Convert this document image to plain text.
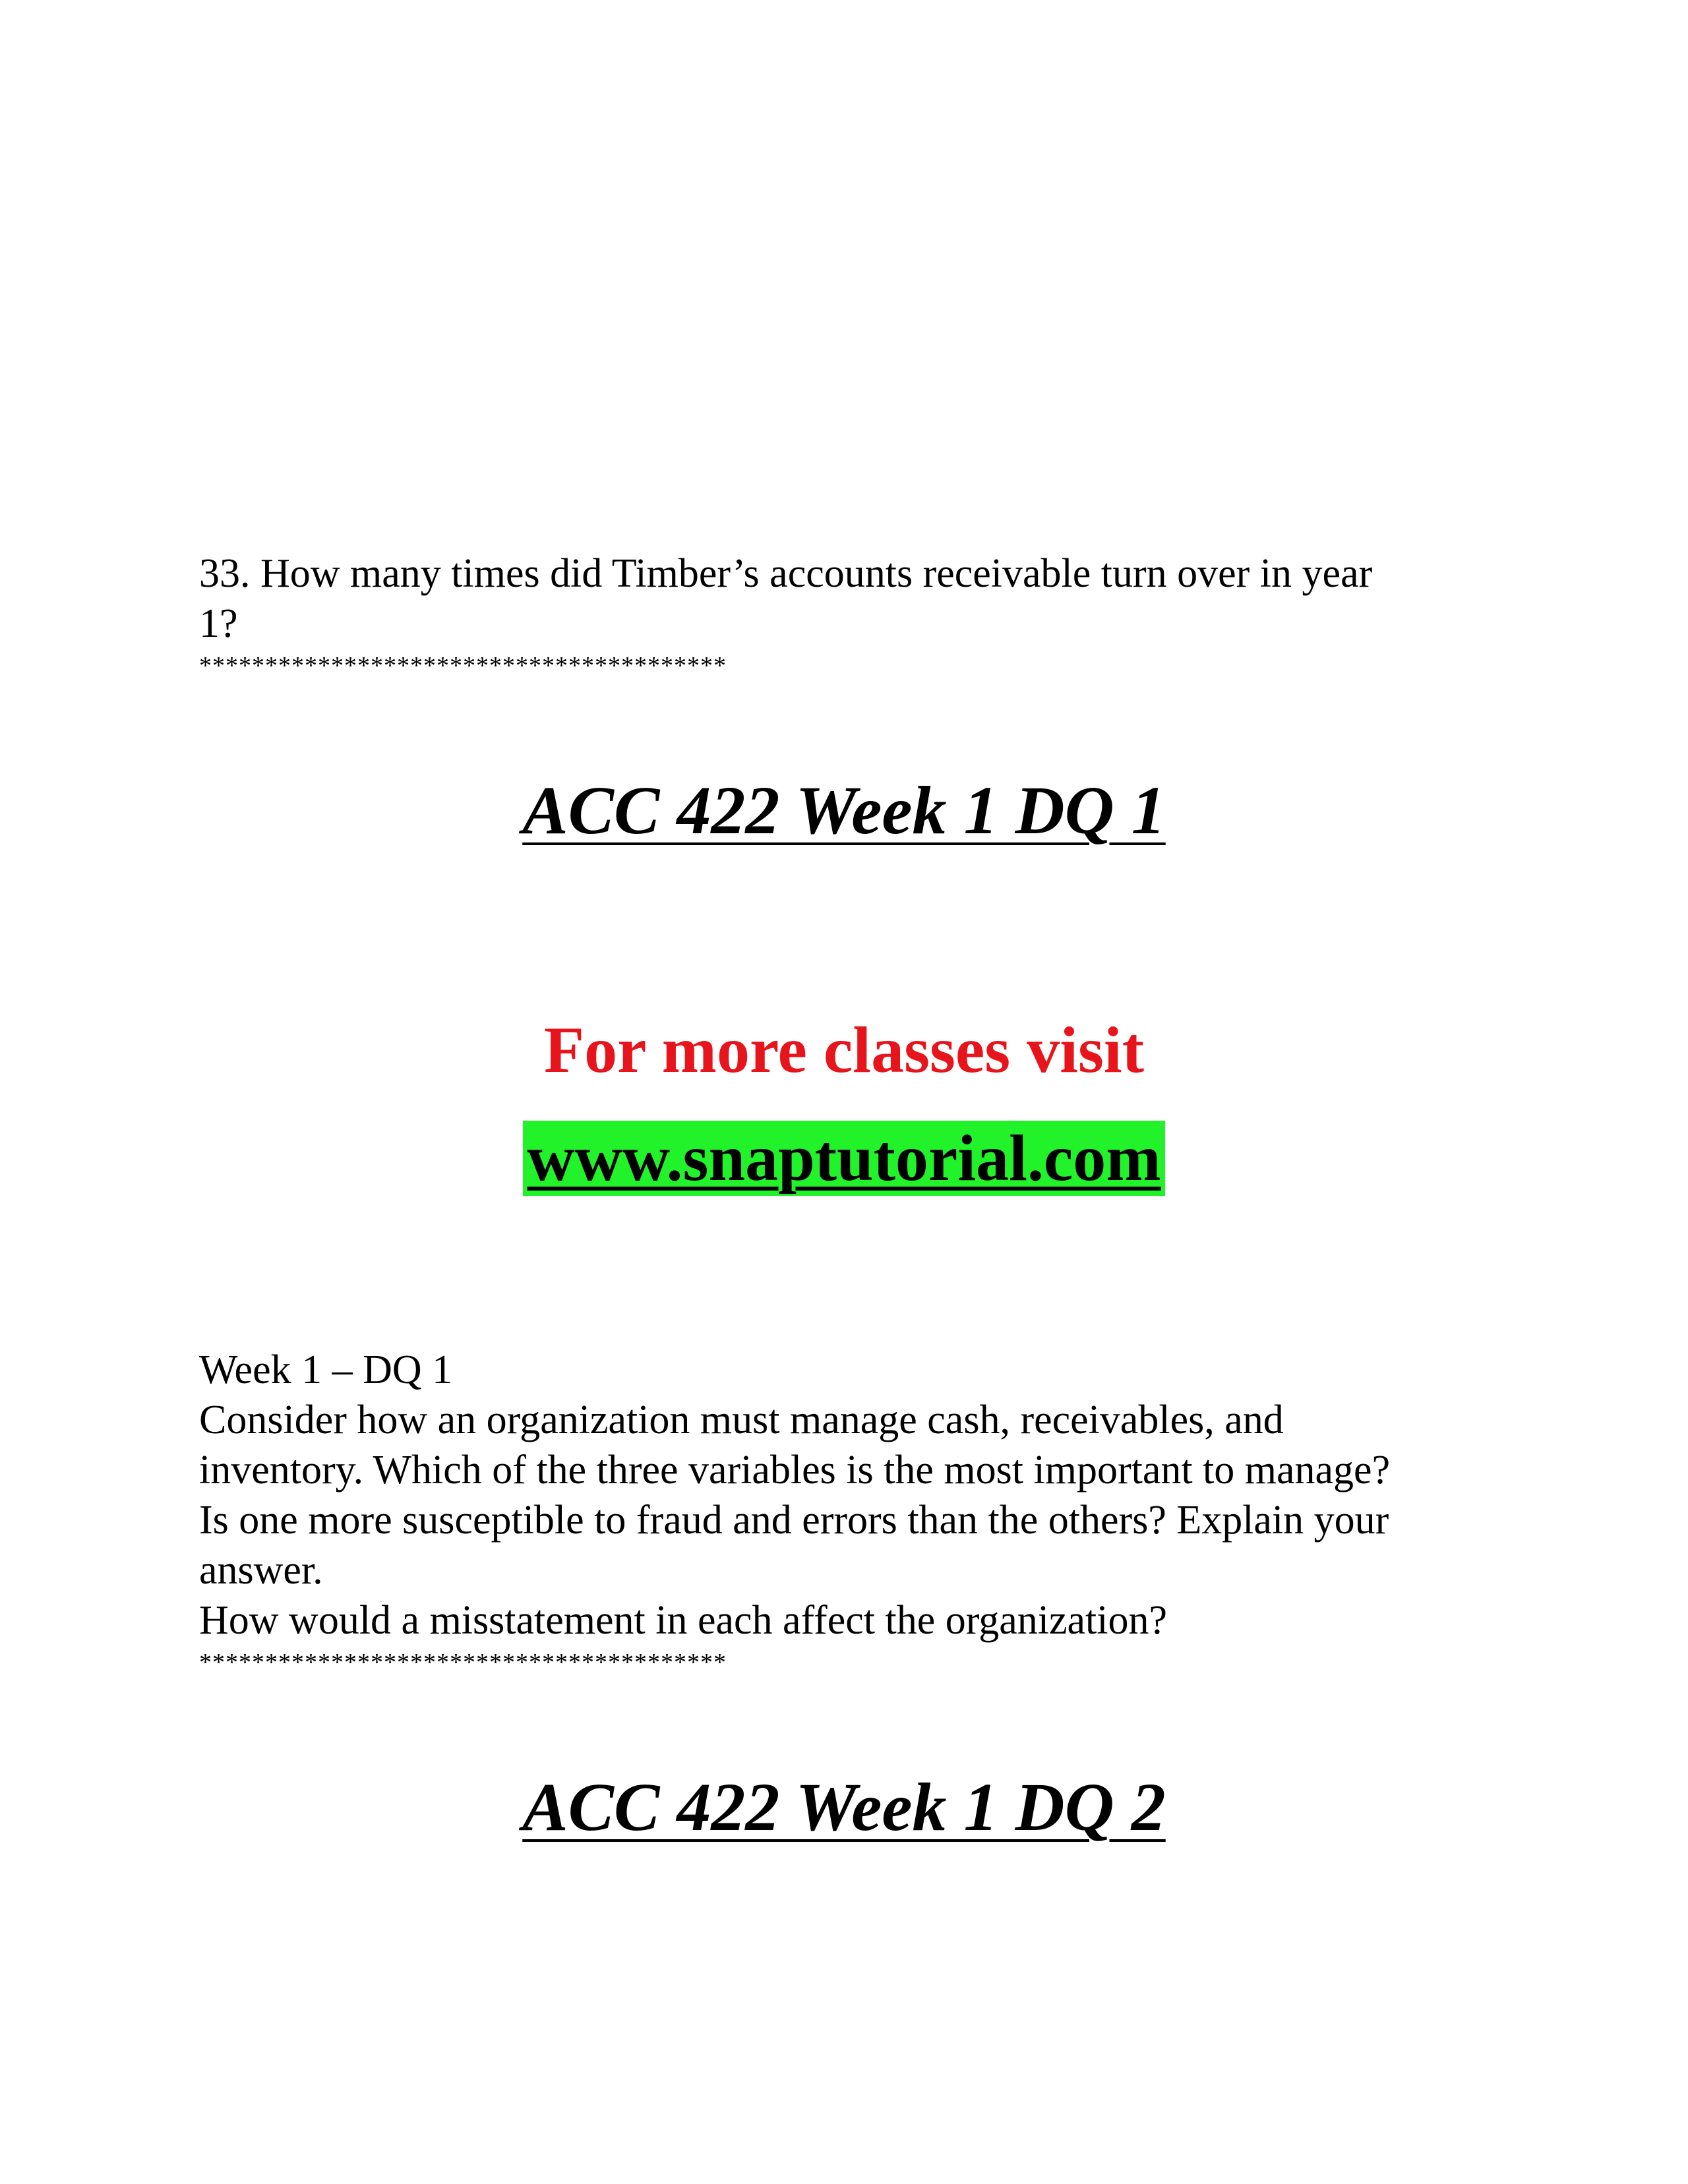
33. How many times did Timber’s accounts receivable turn over in year

1?

****************************************

ACC 422 Week 1 DQ 1

For more classes visit

www.snaptutorial.com

Week 1 – DQ 1

Consider how an organization must manage cash, receivables, and

inventory. Which of the three variables is the most important to manage?

Is one more susceptible to fraud and errors than the others? Explain your

answer.

How would a misstatement in each affect the organization?

****************************************

ACC 422 Week 1 DQ 2
